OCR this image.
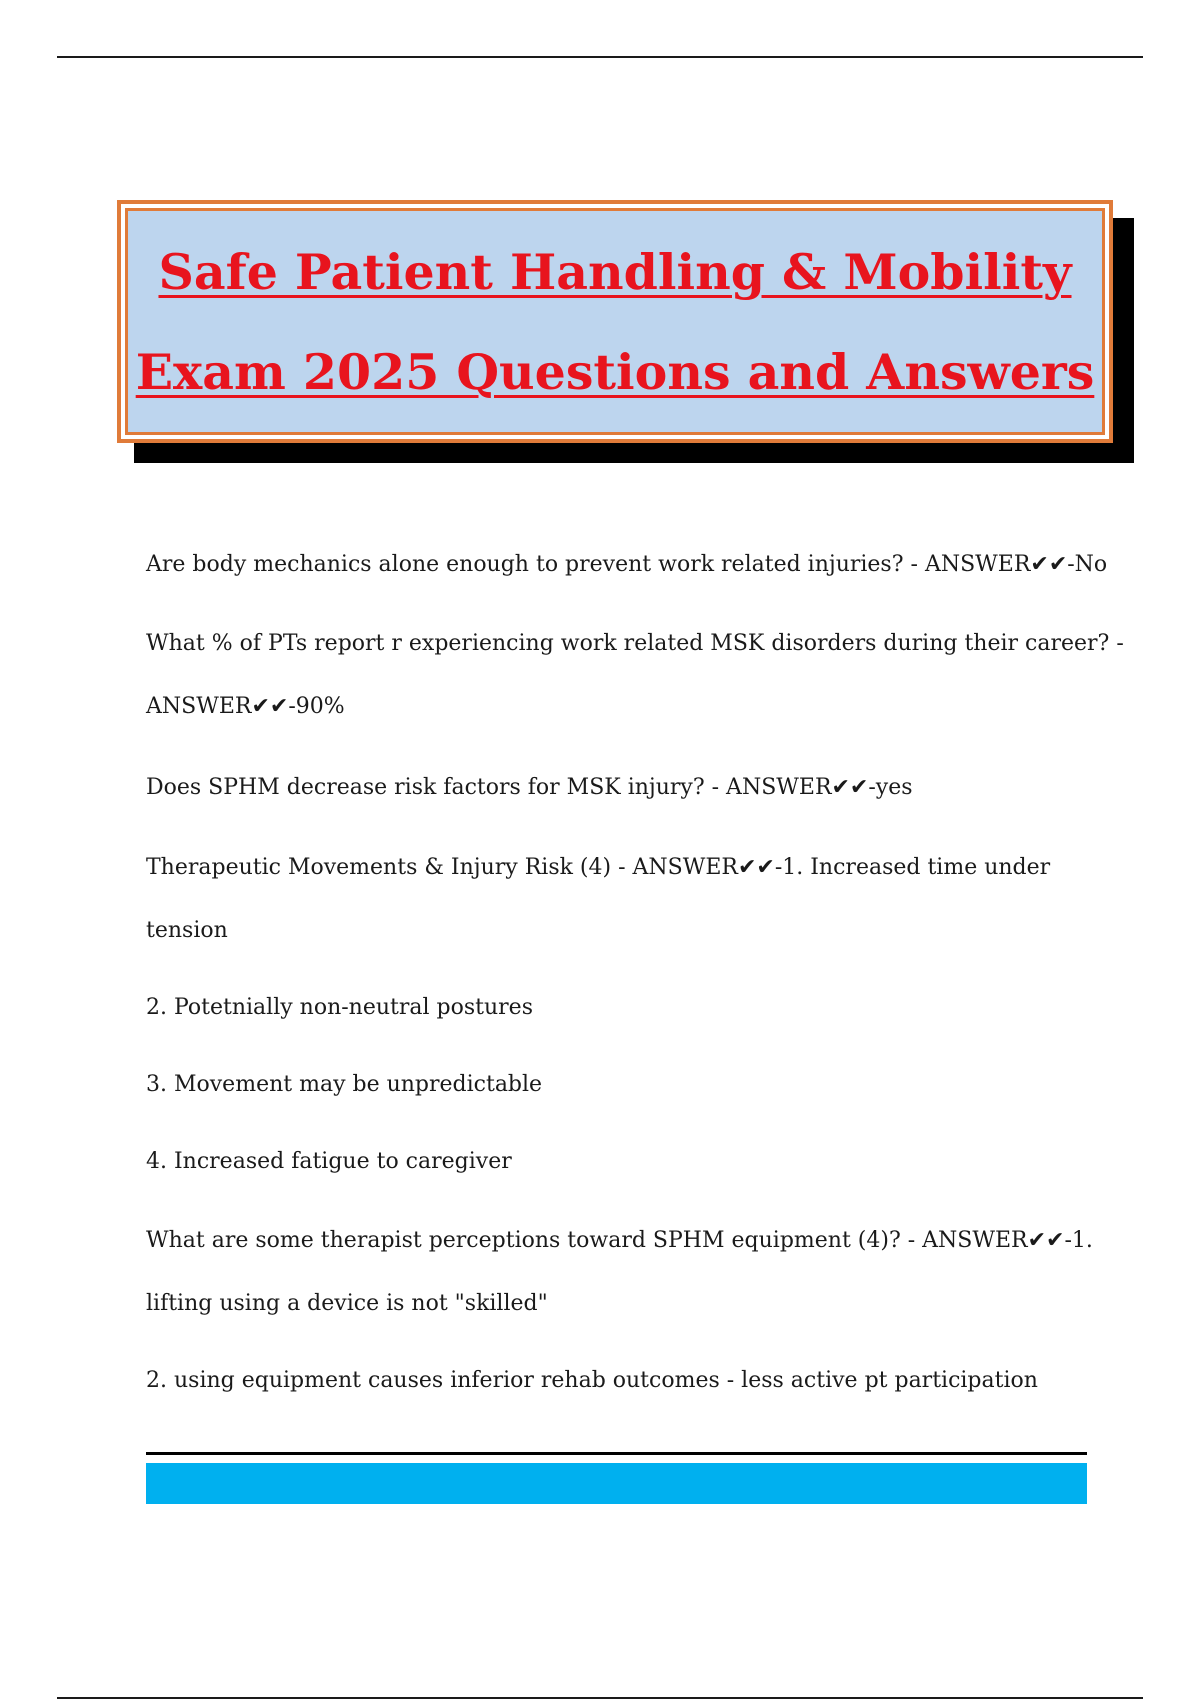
Safe Patient Handling & Mobility
Exam 2025 Questions and Answers
Are body mechanics alone enough to prevent work related injuries? - ANSWER✔✔-No
What % of PTs report r experiencing work related MSK disorders during their career? -
ANSWER✔✔-90%
Does SPHM decrease risk factors for MSK injury? - ANSWER✔✔-yes
Therapeutic Movements & Injury Risk (4) - ANSWER✔✔-1. Increased time under
tension
2. Potetnially non-neutral postures
3. Movement may be unpredictable
4. Increased fatigue to caregiver
What are some therapist perceptions toward SPHM equipment (4)? - ANSWER✔✔-1.
lifting using a device is not "skilled"
2. using equipment causes inferior rehab outcomes - less active pt participation
